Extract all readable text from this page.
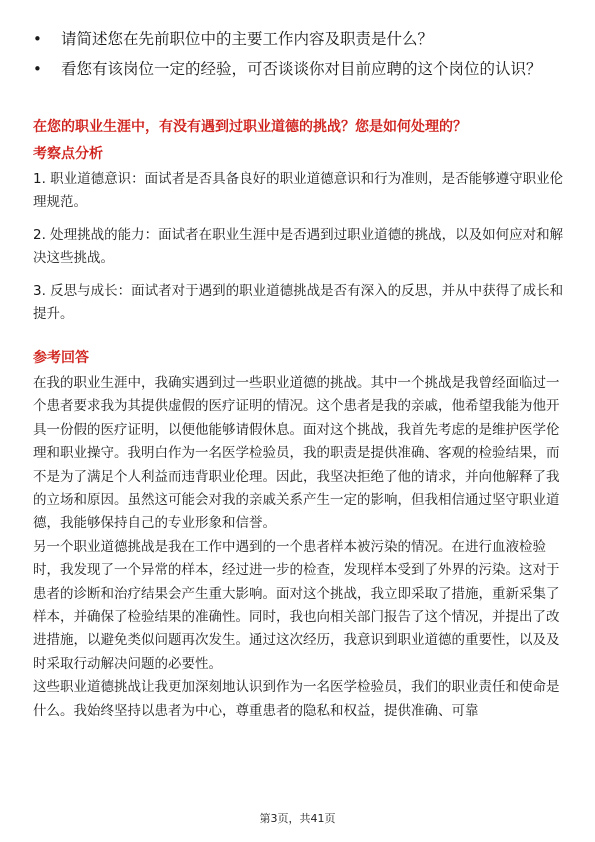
•	请简述您在先前职位中的主要工作内容及职责是什么？
•	看您有该岗位一定的经验，可否谈谈你对目前应聘的这个岗位的认识？
在您的职业生涯中，有没有遇到过职业道德的挑战？您是如何处理的？
考察点分析
1. 职业道德意识：面试者是否具备良好的职业道德意识和行为准则，是否能够遵守职业伦理规范。
2. 处理挑战的能力：面试者在职业生涯中是否遇到过职业道德的挑战，以及如何应对和解决这些挑战。
3. 反思与成长：面试者对于遇到的职业道德挑战是否有深入的反思，并从中获得了成长和提升。
参考回答

在我的职业生涯中，我确实遇到过一些职业道德的挑战。其中一个挑战是我曾经面临过一个患者要求我为其提供虚假的医疗证明的情况。这个患者是我的亲戚，他希望我能为他开具一份假的医疗证明，以便他能够请假休息。面对这个挑战，我首先考虑的是维护医学伦理和职业操守。我明白作为一名医学检验员，我的职责是提供准确、客观的检验结果，而不是为了满足个人利益而违背职业伦理。因此，我坚决拒绝了他的请求，并向他解释了我的立场和原因。虽然这可能会对我的亲戚关系产生一定的影响，但我相信通过坚守职业道德，我能够保持自己的专业形象和信誉。

另一个职业道德挑战是我在工作中遇到的一个患者样本被污染的情况。在进行血液检验时，我发现了一个异常的样本，经过进一步的检查，发现样本受到了外界的污染。这对于患者的诊断和治疗结果会产生重大影响。面对这个挑战，我立即采取了措施，重新采集了样本，并确保了检验结果的准确性。同时，我也向相关部门报告了这个情况，并提出了改进措施，以避免类似问题再次发生。通过这次经历，我意识到职业道德的重要性，以及及时采取行动解决问题的必要性。

这些职业道德挑战让我更加深刻地认识到作为一名医学检验员，我们的职业责任和使命是什么。我始终坚持以患者为中心，尊重患者的隐私和权益，提供准确、可靠

第3页，共41页
